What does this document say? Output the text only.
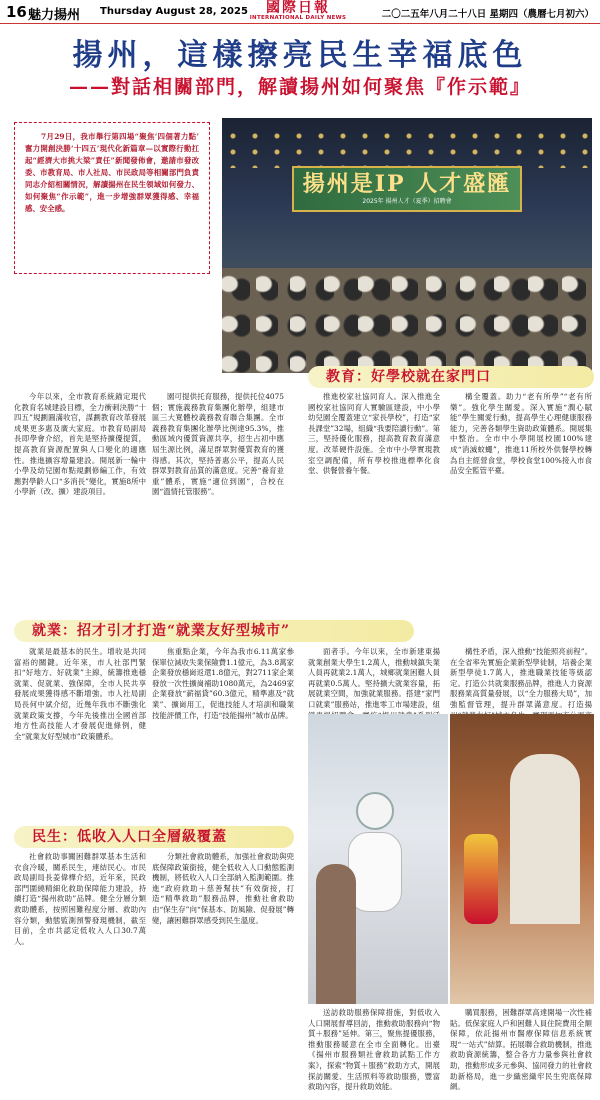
16 魅力揚州 Thursday August 28, 2025	國際日報
INTERNATIONAL DAILY NEWS	二〇二五年八月二十八日 星期四（農曆七月初六）
揚州，這樣擦亮民生幸福底色
——對話相關部門，解讀揚州如何聚焦『作示範』

7月29日，我市舉行第四場“聚焦‘四個著力點’ 奮力開創決勝‘十四五’現代化新篇章—以實際行動扛起“經濟大市挑大梁”責任”新聞發佈會，邀請市發改委、市教育局、市人社局、市民政局等相關部門負責同志介紹相關情況，解讀揚州在民生領域如何發力、如何聚焦“作示範”，進一步增強群眾獲得感、幸福感、安全感。

揚州是IP 人才盛匯
2025年 揚州人才（夏季）招聘會
教育：好學校就在家門口

今年以來，全市教育系統錨定現代化教育名城建設目標，全力衝刺決勝“十四五”規劃圓滿收官，謀劃教育改革發展成果更多惠及廣大家庭。市教育局副局長即學會介紹，首先是堅持擴優提質，提高教育資源配置與人口變化的適應性。推進擴容增量建設。開展新一輪中小學及幼兒園布點規劃修編工作，有效應對學齡人口“多消長”變化，實施8所中小學新（改、擴）建設項目。

園可提供托育服務，提供托位4075個；實施義務教育集團化辦學，組建市區三大寬體校義務教育聯合集團。全市義務教育集團化辦學比例達95.3%，推動區域內優質資源共享，招生占初中應屆生源比例，滿足群眾對優質教育的獲得感。其次，堅持普惠公平，提高人民群眾對教育品質的滿意度。完善“養育並重”體系，實施“適位到園”，合校在園“溫情托管服務”。

推進校家社協同育人。深入推進全國校家社協同育人實驗區建設，中小學幼兒園全覆蓋建立“家長學校”，打造“家長課堂”32場，組織“我要陪讀行動”。第三，堅持優化服務，提高教育教育滿意度。改革硬件設施。全市中小學實現教室空調配備，所有學校推進標準化食堂、供餐營養午餐。

構全覆蓋。助力“老有所學”“老有所樂”。強化學生關愛。深入實施“潤心賦能”學生關愛行動，提高學生心理健康服務能力，完善各類學生資助政策體系。開展集中整治。全市中小學開展校園100%建成“消滅蚊蠅”，推進11所校外供餐學校轉為自主經營食堂，學校食堂100%接入市食品安全監管平臺。

就業：招才引才打造“就業友好型城市”

就業是最基本的民生。增收是共同富裕的關鍵。近年來，市人社部門緊扣“好地方、好就業”主線，統籌推進穩就業、促就業、強保障，全市人民共享發展成果獲得感不斷增強。市人社局副局長何中斌介紹，近幾年我市不斷強化就業政策支撐，今年先後推出全國首部地方性高技能人才發展促進條例，健全“就業友好型城市”政策體系。

焦重點企業，今年為我市6.11萬家參保單位減收失業保險費1.1億元，為3.8萬家企業發放穩崗返還1.8億元，對2711家企業發放一次性擴崗補助1080萬元，為2469家企業發放“薪福貸”60.3億元，精準惠及“就業”、擴崗用工，促進技能人才培訓和職業技能評價工作，打造“技能揚州”城市品牌。

面者手。今年以來，全市新建東揚就業創業大學生1.2萬人，推動城鎮失業人員再就業2.1萬人，城鄉就業困難人員再就業0.5萬人。堅持擴大就業容量，拓展就業空間，加強就業服務。搭建“家門口就業”服務站，推進零工市場建設，組

構性矛盾，深入推動“技能照亮前程”。在全省率先實施企業新型學徒制，培養企業新型學徒1.7萬人，推進職業技能等級認定。打造公共就業服務品牌，推進人力資源服務業高質量發展，以“全力服務大局”，加強監督管理，提升群眾滿意度。打造揚

民生：低收入人口全層級覆蓋

社會救助事關困難群眾基本生活和衣食冷暖，關系民生，連結民心。市民政局副局長姜偉樺介紹，近年來，民政部門圍繞精細化救助保障能力建設，持續打造“揚州救助”品牌。健全分層分類救助體系，按照困難程度分層、救助內容分類，動態監測預警發現機制，截至目前，全市共認定低收入人口30.7萬人。

分類社會救助體系，加强社會救助與兜底保障政策銜接，健全低收入人口動態監測機制，將低收入人口全部納入監測範圍。推進“政府救助＋慈善幫扶”有效銜接，打造“精準救助”服務品牌，推動社會救助由“保生存”向“保基本、防風險、促發展”轉變，讓困難群眾感受到民生溫度。

送訪救助服務保障措施，對低收入人口開展督導回訪，推動救助服務向“物質＋服務”延伸。第三，聚焦提優服務，推動服務暖意在全市全面轉化。出臺《揚州市服務類社會救助試點工作方案》，探索“物質＋服務”救助方式，開展探訪關愛、生活照料等救助服務，豐富救助內容，提升救助效能。

購買服務，困難群眾高達開場一次性補貼。低保家庭人戶和困難人員住院費用全額保障，依託揚州市醫療保障信息系統實現“一站式”結算。拓展聯合救助機制，推進救助資源統籌，整合各方力量參與社會救助，推動形成多元參與、協同發力的社會救助新格局，進一步織密織牢民生兜底保障網。
